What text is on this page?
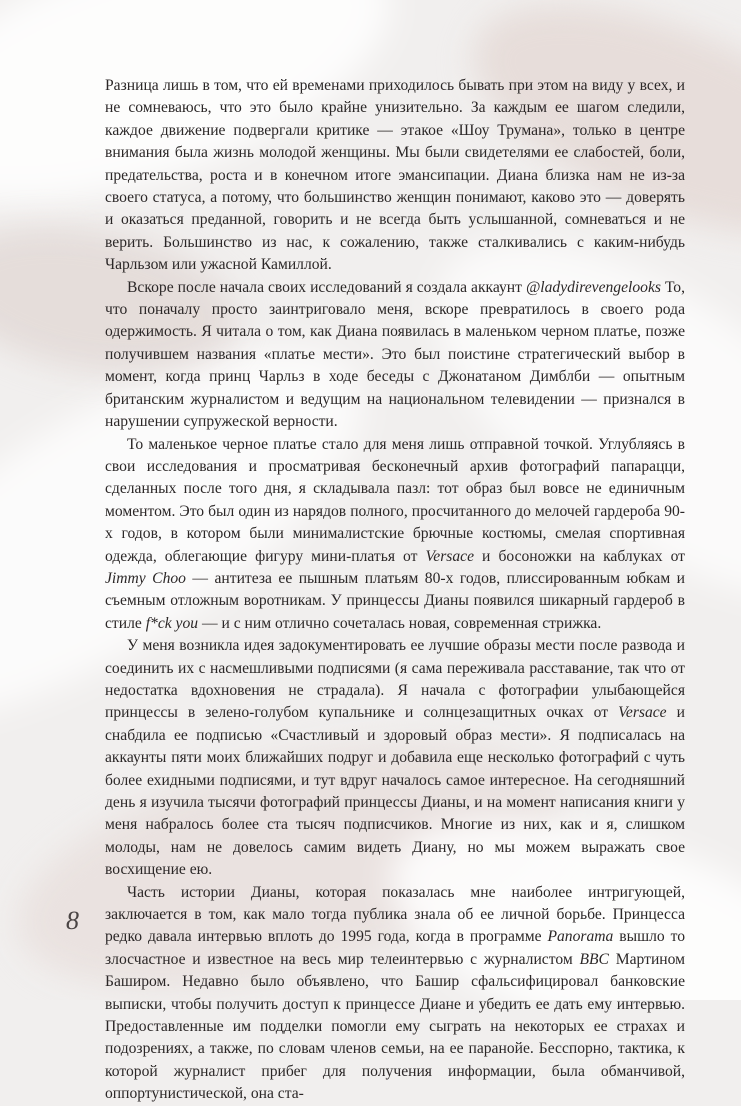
Разница лишь в том, что ей временами приходилось бывать при этом на виду у всех, и не сомневаюсь, что это было крайне унизительно. За каждым ее шагом следили, каждое движение подвергали критике — этакое «Шоу Трумана», только в центре внимания была жизнь молодой женщины. Мы были свидетелями ее слабостей, боли, предательства, роста и в конечном итоге эмансипации. Диана близка нам не из-за своего статуса, а потому, что большинство женщин понимают, каково это — доверять и оказаться преданной, говорить и не всегда быть услышанной, сомневаться и не верить. Большинство из нас, к сожалению, также сталкивались с каким-нибудь Чарльзом или ужасной Камиллой.

Вскоре после начала своих исследований я создала аккаунт @ladydirevengelooks То, что поначалу просто заинтриговало меня, вскоре превратилось в своего рода одержимость. Я читала о том, как Диана появилась в маленьком черном платье, позже получившем названия «платье мести». Это был поистине стратегический выбор в момент, когда принц Чарльз в ходе беседы с Джонатаном Димблби — опытным британским журналистом и ведущим на национальном телевидении — признался в нарушении супружеской верности.

То маленькое черное платье стало для меня лишь отправной точкой. Углубляясь в свои исследования и просматривая бесконечный архив фотографий папарацци, сделанных после того дня, я складывала пазл: тот образ был вовсе не единичным моментом. Это был один из нарядов полного, просчитанного до мелочей гардероба 90-х годов, в котором были минималистские брючные костюмы, смелая спортивная одежда, облегающие фигуру мини-платья от Versace и босоножки на каблуках от Jimmy Choo — антитеза ее пышным платьям 80-х годов, плиссированным юбкам и съемным отложным воротникам. У принцессы Дианы появился шикарный гардероб в стиле f*ck you — и с ним отлично сочеталась новая, современная стрижка.

У меня возникла идея задокументировать ее лучшие образы мести после развода и соединить их с насмешливыми подписями (я сама переживала расставание, так что от недостатка вдохновения не страдала). Я начала с фотографии улыбающейся принцессы в зелено-голубом купальнике и солнцезащитных очках от Versace и снабдила ее подписью «Счастливый и здоровый образ мести». Я подписалась на аккаунты пяти моих ближайших подруг и добавила еще несколько фотографий с чуть более ехидными подписями, и тут вдруг началось самое интересное. На сегодняшний день я изучила тысячи фотографий принцессы Дианы, и на момент написания книги у меня набралось более ста тысяч подписчиков. Многие из них, как и я, слишком молоды, нам не довелось самим видеть Диану, но мы можем выражать свое восхищение ею.

Часть истории Дианы, которая показалась мне наиболее интригующей, заключается в том, как мало тогда публика знала об ее личной борьбе. Принцесса редко давала интервью вплоть до 1995 года, когда в программе Panorama вышло то злосчастное и известное на весь мир телеинтервью с журналистом BBC Мартином Баширом. Недавно было объявлено, что Башир сфальсифицировал банковские выписки, чтобы получить доступ к принцессе Диане и убедить ее дать ему интервью. Предоставленные им подделки помогли ему сыграть на некоторых ее страхах и подозрениях, а также, по словам членов семьи, на ее паранойе. Бесспорно, тактика, к которой журналист прибег для получения информации, была обманчивой, оппортунистической, она ста-

8
